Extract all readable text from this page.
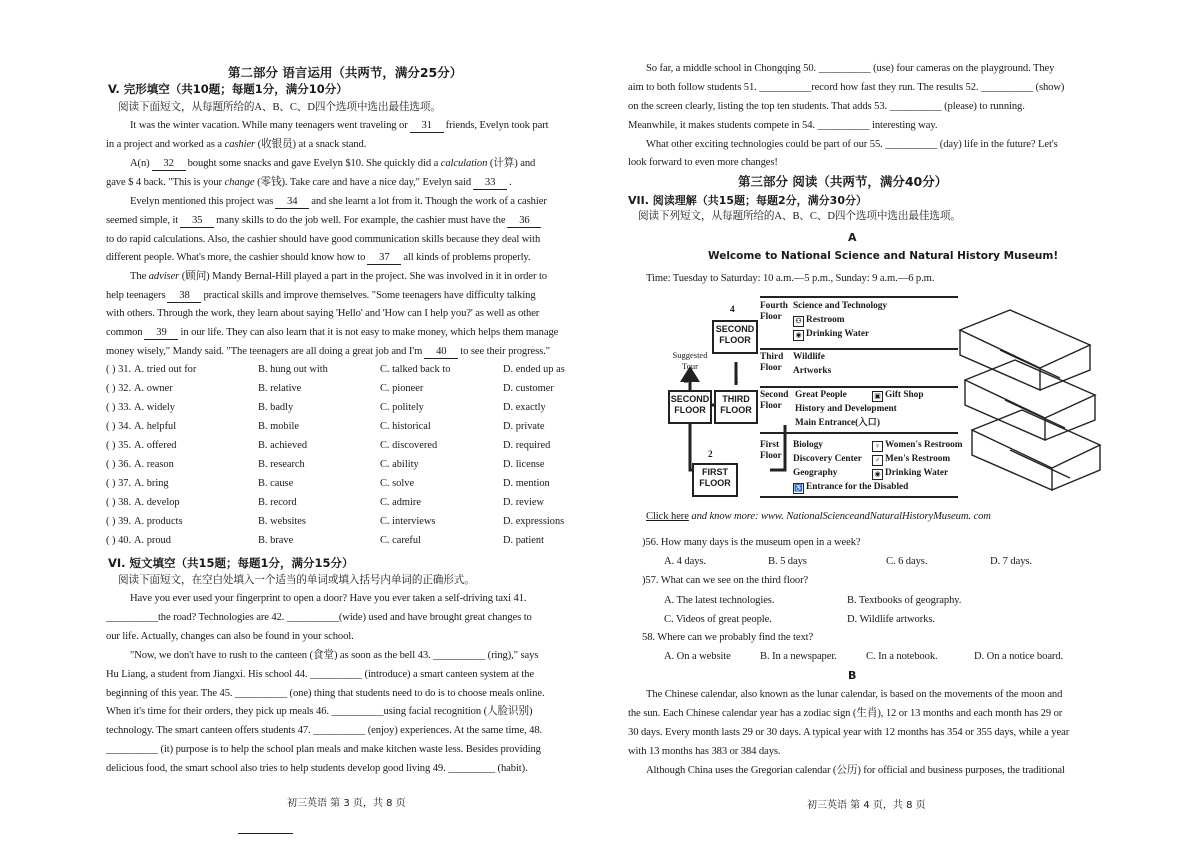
第二部分 语言运用（共两节，满分25分）
V. 完形填空（共10题；每题1分，满分10分）
阅读下面短文，从每题所给的A、B、C、D四个选项中选出最佳选项。
It was the winter vacation. While many teenagers went traveling or 31 friends, Evelyn took part
in a project and worked as a cashier (收银员) at a snack stand.
A(n) 32 bought some snacks and gave Evelyn $10. She quickly did a calculation (计算) and
gave $ 4 back. "This is your change (零钱). Take care and have a nice day," Evelyn said 33 .
Evelyn mentioned this project was 34 and she learnt a lot from it. Though the work of a cashier
seemed simple, it 35 many skills to do the job well. For example, the cashier must have the 36
to do rapid calculations. Also, the cashier should have good communication skills because they deal with
different people. What's more, the cashier should know how to 37 all kinds of problems properly.
The adviser (顾问) Mandy Bernal-Hill played a part in the project. She was involved in it in order to
help teenagers 38 practical skills and improve themselves. "Some teenagers have difficulty talking
with others. Through the work, they learn about saying 'Hello' and 'How can I help you?' as well as other
common 39 in our life. They can also learn that it is not easy to make money, which helps them manage
money wisely," Mandy said. "The teenagers are all doing a great job and I'm 40 to see their progress."
( ) 31. A. tried out for	B. hung out with	C. talked back to	D. ended up as
( ) 32. A. owner	B. relative	C. pioneer	D. customer
( ) 33. A. widely	B. badly	C. politely	D. exactly
( ) 34. A. helpful	B. mobile	C. historical	D. private
( ) 35. A. offered	B. achieved	C. discovered	D. required
( ) 36. A. reason	B. research	C. ability	D. license
( ) 37. A. bring	B. cause	C. solve	D. mention
( ) 38. A. develop	B. record	C. admire	D. review
( ) 39. A. products	B. websites	C. interviews	D. expressions
( ) 40. A. proud	B. brave	C. careful	D. patient
VI. 短文填空（共15题；每题1分，满分15分）
阅读下面短文，在空白处填入一个适当的单词或填入括号内单词的正确形式。
Have you ever used your fingerprint to open a door? Have you ever taken a self-driving taxi 41.
__________the road? Technologies are 42. __________(wide) used and have brought great changes to
our life. Actually, changes can also be found in your school.
"Now, we don't have to rush to the canteen (食堂) as soon as the bell 43. __________ (ring)," says
Hu Liang, a student from Jiangxi. His school 44. __________ (introduce) a smart canteen system at the
beginning of this year. The 45. __________ (one) thing that students need to do is to choose meals online.
When it's time for their orders, they pick up meals 46. __________using facial recognition (人脸识别)
technology. The smart canteen offers students 47. __________ (enjoy) experiences. At the same time, 48.
__________ (it) purpose is to help the school plan meals and make kitchen waste less. Besides providing
delicious food, the smart school also tries to help students develop good living 49. _________ (habit).
初三英语 第 3 页，共 8 页
So far, a middle school in Chongqing 50. __________ (use) four cameras on the playground. They
aim to both follow students 51. __________record how fast they run. The results 52. __________ (show)
on the screen clearly, listing the top ten students. That adds 53. __________ (please) to running.
Meanwhile, it makes students compete in 54. __________ interesting way.
What other exciting technologies could be part of our 55. __________ (day) life in the future? Let's
look forward to even more changes!
第三部分 阅读（共两节，满分40分）
VII. 阅读理解（共15题；每题2分，满分30分）
阅读下列短文，从每题所给的A、B、C、D四个选项中选出最佳选项。
A
Welcome to National Science and Natural History Museum!
Time: Tuesday to Saturday: 10 a.m.—5 p.m., Sunday: 9 a.m.—6 p.m.
SECOND FLOOR
SECOND FLOOR
THIRD FLOOR
FIRST FLOOR
Suggested Tour
4
3	1
2
Fourth Floor
Science and Technology
⚇ Restroom
◉ Drinking Water
Third Floor
Wildlife
Artworks
Second Floor
Great People	▣ Gift Shop
History and Development
Main Entrance(入口)
First Floor
Biology	♀ Women's Restroom
Discovery Center	♂ Men's Restroom
Geography	◉ Drinking Water
♿ Entrance for the Disabled
Click here and know more: www. NationalScienceandNaturalHistoryMuseum. com
)56. How many days is the museum open in a week?
A. 4 days.	B. 5 days	C. 6 days.	D. 7 days.
)57. What can we see on the third floor?
A. The latest technologies.	B. Textbooks of geography.
C. Videos of great people.	D. Wildlife artworks.
58. Where can we probably find the text?
A. On a website	B. In a newspaper.	C. In a notebook.	D. On a notice board.
B
The Chinese calendar, also known as the lunar calendar, is based on the movements of the moon and
the sun. Each Chinese calendar year has a zodiac sign (生肖), 12 or 13 months and each month has 29 or
30 days. Every month lasts 29 or 30 days. A typical year with 12 months has 354 or 355 days, while a year
with 13 months has 383 or 384 days.
Although China uses the Gregorian calendar (公历) for official and business purposes, the traditional
初三英语 第 4 页，共 8 页
